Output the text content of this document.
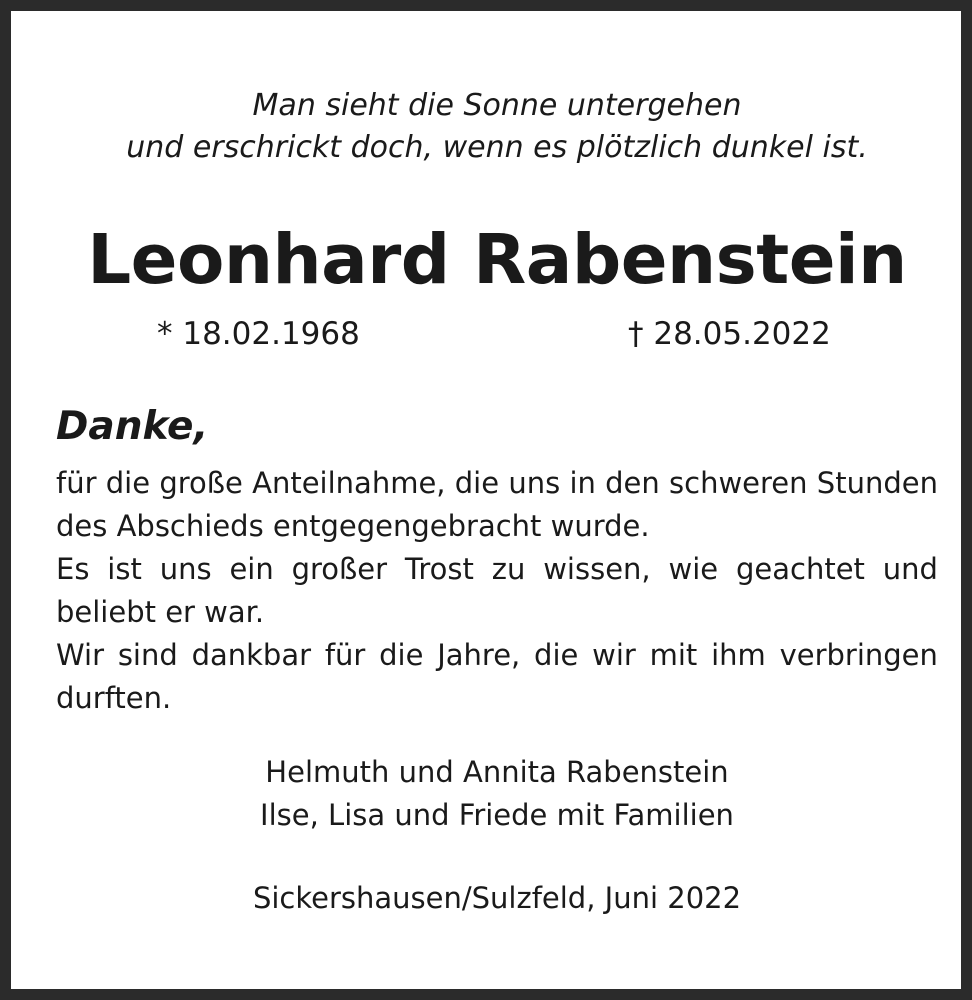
Man sieht die Sonne untergehen
und erschrickt doch, wenn es plötzlich dunkel ist.
Leonhard Rabenstein
* 18.02.1968	† 28.05.2022
Danke,
für die große Anteilnahme, die uns in den schweren Stunden
des Abschieds entgegengebracht wurde.
Es ist uns ein großer Trost zu wissen, wie geachtet und
beliebt er war.
Wir sind dankbar für die Jahre, die wir mit ihm verbringen
durften.
Helmuth und Annita Rabenstein
Ilse, Lisa und Friede mit Familien
Sickershausen/Sulzfeld, Juni 2022
